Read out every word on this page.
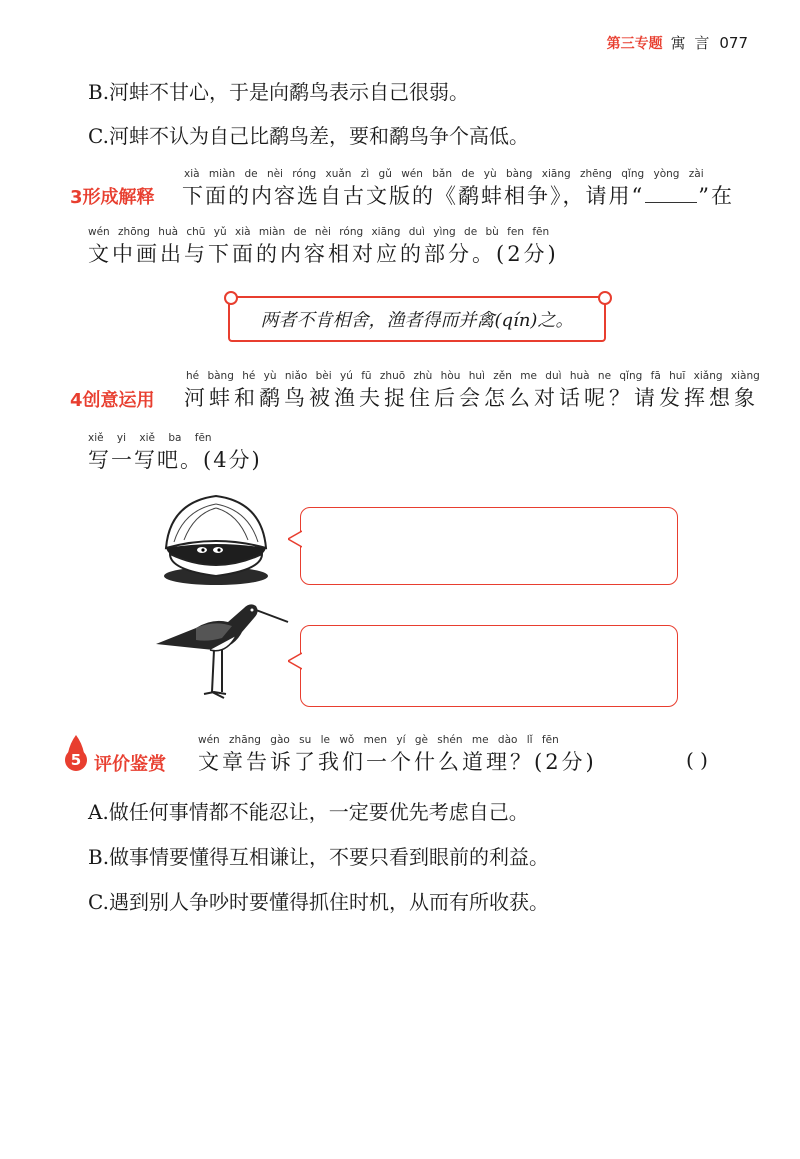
第三专题 寓 言 077
B.河蚌不甘心，于是向鹬鸟表示自己很弱。
C.河蚌不认为自己比鹬鸟差，要和鹬鸟争个高低。
xià miàn de nèi róng xuǎn zì gǔ wén bǎn de yù bàng xiāng zhēng qǐng yòng zài
3形成解释 下面的内容选自古文版的《鹬蚌相争》，请用“	”在
wén zhōng huà chū yǔ xià miàn de nèi róng xiāng duì yìng de bù fen fēn
文中画出与下面的内容相对应的部分。(2分)
两者不肯相舍，渔者得而并禽(qín)之。
hé bàng hé yù niǎo bèi yú fū zhuō zhù hòu huì zěn me duì huà ne qǐng fā huī xiǎng xiàng
4创意运用 河蚌和鹬鸟被渔夫捉住后会怎么对话呢？请发挥想象
xiě yi xiě ba fēn
写一写吧。(4分)
5
wén zhāng gào su le wǒ men yí gè shén me dào lǐ fēn
评价鉴赏 文章告诉了我们一个什么道理？(2分)	( )
A.做任何事情都不能忍让，一定要优先考虑自己。
B.做事情要懂得互相谦让，不要只看到眼前的利益。
C.遇到别人争吵时要懂得抓住时机，从而有所收获。
